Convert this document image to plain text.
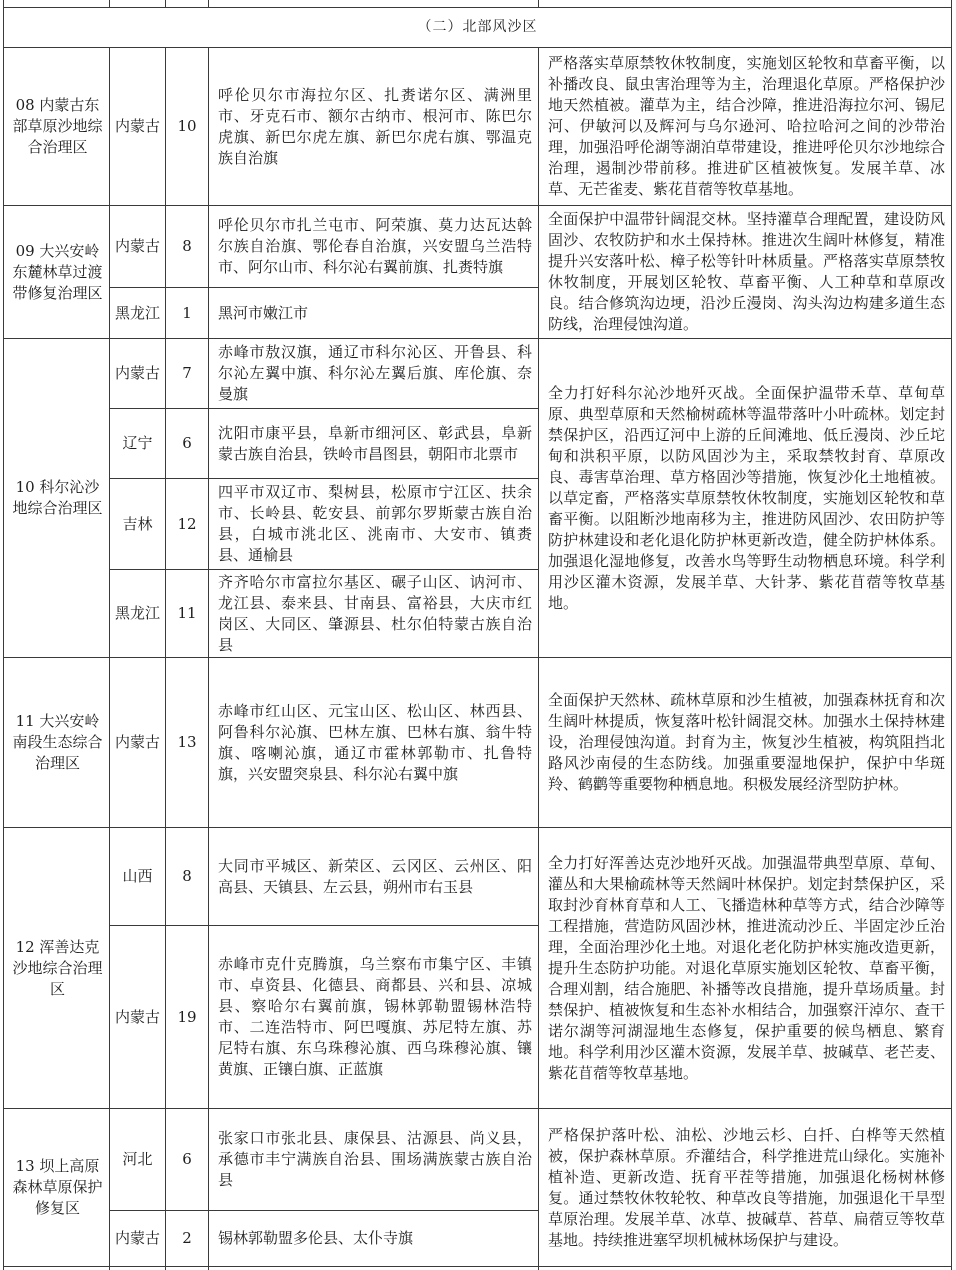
（二）北部风沙区
08 内蒙古东部草原沙地综合治理区
内蒙古 10
呼伦贝尔市海拉尔区、扎赉诺尔区、满洲里市、牙克石市、额尔古纳市、根河市、陈巴尔虎旗、新巴尔虎左旗、新巴尔虎右旗、鄂温克族自治旗
严格落实草原禁牧休牧制度，实施划区轮牧和草畜平衡，以补播改良、鼠虫害治理等为主，治理退化草原。严格保护沙地天然植被。灌草为主，结合沙障，推进沿海拉尔河、锡尼河、伊敏河以及辉河与乌尔逊河、哈拉哈河之间的沙带治理，加强沿呼伦湖等湖泊草带建设，推进呼伦贝尔沙地综合治理，遏制沙带前移。推进矿区植被恢复。发展羊草、冰草、无芒雀麦、紫花苜蓿等牧草基地。
09 大兴安岭东麓林草过渡带修复治理区
内蒙古 8
呼伦贝尔市扎兰屯市、阿荣旗、莫力达瓦达斡尔族自治旗、鄂伦春自治旗，兴安盟乌兰浩特市、阿尔山市、科尔沁右翼前旗、扎赉特旗
黑龙江 1 黑河市嫩江市
全面保护中温带针阔混交林。坚持灌草合理配置，建设防风固沙、农牧防护和水土保持林。推进次生阔叶林修复，精准提升兴安落叶松、樟子松等针叶林质量。严格落实草原禁牧休牧制度，开展划区轮牧、草畜平衡、人工种草和草原改良。结合修筑沟边埂，沿沙丘漫岗、沟头沟边构建多道生态防线，治理侵蚀沟道。
10 科尔沁沙地综合治理区
内蒙古 7
赤峰市敖汉旗，通辽市科尔沁区、开鲁县、科尔沁左翼中旗、科尔沁左翼后旗、库伦旗、奈曼旗
辽宁 6
沈阳市康平县，阜新市细河区、彰武县，阜新蒙古族自治县，铁岭市昌图县，朝阳市北票市
吉林 12
四平市双辽市、梨树县，松原市宁江区、扶余市、长岭县、乾安县、前郭尔罗斯蒙古族自治县，白城市洮北区、洮南市、大安市、镇赉县、通榆县
黑龙江 11
齐齐哈尔市富拉尔基区、碾子山区、讷河市、龙江县、泰来县、甘南县、富裕县，大庆市红岗区、大同区、肇源县、杜尔伯特蒙古族自治县
全力打好科尔沁沙地歼灭战。全面保护温带禾草、草甸草原、典型草原和天然榆树疏林等温带落叶小叶疏林。划定封禁保护区，沿西辽河中上游的丘间滩地、低丘漫岗、沙丘坨甸和洪积平原，以防风固沙为主，采取禁牧封育、草原改良、毒害草治理、草方格固沙等措施，恢复沙化土地植被。以草定畜，严格落实草原禁牧休牧制度，实施划区轮牧和草畜平衡。以阻断沙地南移为主，推进防风固沙、农田防护等防护林建设和老化退化防护林更新改造，健全防护林体系。加强退化湿地修复，改善水鸟等野生动物栖息环境。科学利用沙区灌木资源，发展羊草、大针茅、紫花苜蓿等牧草基地。
11 大兴安岭南段生态综合治理区
内蒙古 13
赤峰市红山区、元宝山区、松山区、林西县、阿鲁科尔沁旗、巴林左旗、巴林右旗、翁牛特旗、喀喇沁旗，通辽市霍林郭勒市、扎鲁特旗，兴安盟突泉县、科尔沁右翼中旗
全面保护天然林、疏林草原和沙生植被，加强森林抚育和次生阔叶林提质，恢复落叶松针阔混交林。加强水土保持林建设，治理侵蚀沟道。封育为主，恢复沙生植被，构筑阻挡北路风沙南侵的生态防线。加强重要湿地保护，保护中华斑羚、鹤鹳等重要物种栖息地。积极发展经济型防护林。
12 浑善达克沙地综合治理区
山西 8
大同市平城区、新荣区、云冈区、云州区、阳高县、天镇县、左云县，朔州市右玉县
内蒙古 19
赤峰市克什克腾旗，乌兰察布市集宁区、丰镇市、卓资县、化德县、商都县、兴和县、凉城县、察哈尔右翼前旗，锡林郭勒盟锡林浩特市、二连浩特市、阿巴嘎旗、苏尼特左旗、苏尼特右旗、东乌珠穆沁旗、西乌珠穆沁旗、镶黄旗、正镶白旗、正蓝旗
全力打好浑善达克沙地歼灭战。加强温带典型草原、草甸、灌丛和大果榆疏林等天然阔叶林保护。划定封禁保护区，采取封沙育林育草和人工、飞播造林种草等方式，结合沙障等工程措施，营造防风固沙林，推进流动沙丘、半固定沙丘治理，全面治理沙化土地。对退化老化防护林实施改造更新，提升生态防护功能。对退化草原实施划区轮牧、草畜平衡，合理刈割，结合施肥、补播等改良措施，提升草场质量。封禁保护、植被恢复和生态补水相结合，加强察汗淖尔、查干诺尔湖等河湖湿地生态修复，保护重要的候鸟栖息、繁育地。科学利用沙区灌木资源，发展羊草、披碱草、老芒麦、紫花苜蓿等牧草基地。
13 坝上高原森林草原保护修复区
河北 6
张家口市张北县、康保县、沽源县、尚义县，承德市丰宁满族自治县、围场满族蒙古族自治县
内蒙古 2 锡林郭勒盟多伦县、太仆寺旗
严格保护落叶松、油松、沙地云杉、白扦、白桦等天然植被，保护森林草原。乔灌结合，科学推进荒山绿化。实施补植补造、更新改造、抚育平茬等措施，加强退化杨树林修复。通过禁牧休牧轮牧、种草改良等措施，加强退化干旱型草原治理。发展羊草、冰草、披碱草、苔草、扁蓿豆等牧草基地。持续推进塞罕坝机械林场保护与建设。
